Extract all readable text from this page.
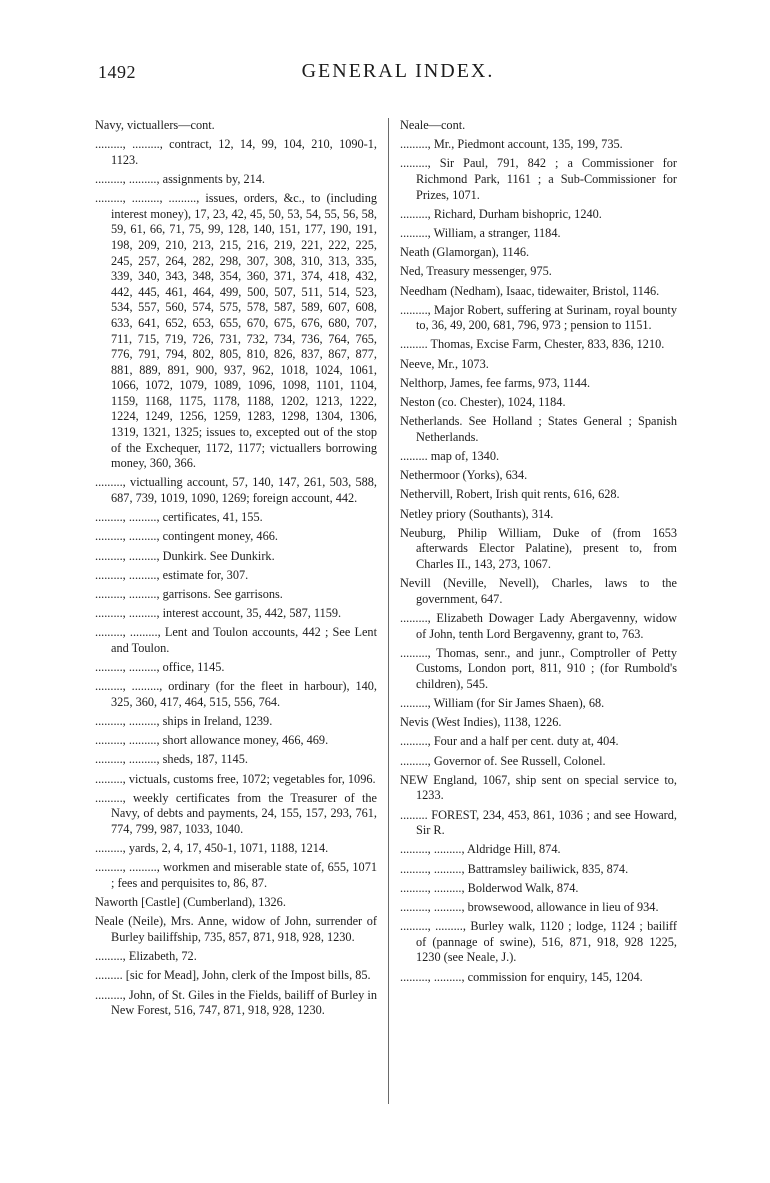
1492	GENERAL INDEX.
Navy, victuallers—cont.
........., ........., contract, 12, 14, 99, 104, 210, 1090-1, 1123.
........., ........., assignments by, 214.
........., ........., ........., issues, orders, &c., to (including interest money), 17, 23, 42, 45, 50, 53, 54, 55, 56, 58, 59, 61, 66, 71, 75, 99, 128, 140, 151, 177, 190, 191, 198, 209, 210, 213, 215, 216, 219, 221, 222, 225, 245, 257, 264, 282, 298, 307, 308, 310, 313, 335, 339, 340, 343, 348, 354, 360, 371, 374, 418, 432, 442, 445, 461, 464, 499, 500, 507, 511, 514, 523, 534, 557, 560, 574, 575, 578, 587, 589, 607, 608, 633, 641, 652, 653, 655, 670, 675, 676, 680, 707, 711, 715, 719, 726, 731, 732, 734, 736, 764, 765, 776, 791, 794, 802, 805, 810, 826, 837, 867, 877, 881, 889, 891, 900, 937, 962, 1018, 1024, 1061, 1066, 1072, 1079, 1089, 1096, 1098, 1101, 1104, 1159, 1168, 1175, 1178, 1188, 1202, 1213, 1222, 1224, 1249, 1256, 1259, 1283, 1298, 1304, 1306, 1319, 1321, 1325; issues to, excepted out of the stop of the Exchequer, 1172, 1177; victuallers borrowing money, 360, 366.
........., victualling account, 57, 140, 147, 261, 503, 588, 687, 739, 1019, 1090, 1269; foreign account, 442.
........., ........., certificates, 41, 155.
........., ........., contingent money, 466.
........., ........., Dunkirk. See Dunkirk.
........., ........., estimate for, 307.
........., ........., garrisons. See garrisons.
........., ........., interest account, 35, 442, 587, 1159.
........., ........., Lent and Toulon accounts, 442 ; See Lent and Toulon.
........., ........., office, 1145.
........., ........., ordinary (for the fleet in harbour), 140, 325, 360, 417, 464, 515, 556, 764.
........., ........., ships in Ireland, 1239.
........., ........., short allowance money, 466, 469.
........., ........., sheds, 187, 1145.
........., victuals, customs free, 1072; vegetables for, 1096.
........., weekly certificates from the Treasurer of the Navy, of debts and payments, 24, 155, 157, 293, 761, 774, 799, 987, 1033, 1040.
........., yards, 2, 4, 17, 450-1, 1071, 1188, 1214.
........., ........., workmen and miserable state of, 655, 1071 ; fees and perquisites to, 86, 87.
Naworth [Castle] (Cumberland), 1326.
Neale (Neile), Mrs. Anne, widow of John, surrender of Burley bailiffship, 735, 857, 871, 918, 928, 1230.
........., Elizabeth, 72.
......... [sic for Mead], John, clerk of the Impost bills, 85.
........., John, of St. Giles in the Fields, bailiff of Burley in New Forest, 516, 747, 871, 918, 928, 1230.
Neale—cont.
........., Mr., Piedmont account, 135, 199, 735.
........., Sir Paul, 791, 842 ; a Commissioner for Richmond Park, 1161 ; a Sub-Commissioner for Prizes, 1071.
........., Richard, Durham bishopric, 1240.
........., William, a stranger, 1184.
Neath (Glamorgan), 1146.
Ned, Treasury messenger, 975.
Needham (Nedham), Isaac, tidewaiter, Bristol, 1146.
........., Major Robert, suffering at Surinam, royal bounty to, 36, 49, 200, 681, 796, 973 ; pension to 1151.
......... Thomas, Excise Farm, Chester, 833, 836, 1210.
Neeve, Mr., 1073.
Nelthorp, James, fee farms, 973, 1144.
Neston (co. Chester), 1024, 1184.
Netherlands. See Holland ; States General ; Spanish Netherlands.
......... map of, 1340.
Nethermoor (Yorks), 634.
Nethervill, Robert, Irish quit rents, 616, 628.
Netley priory (Southants), 314.
Neuburg, Philip William, Duke of (from 1653 afterwards Elector Palatine), present to, from Charles II., 143, 273, 1067.
Nevill (Neville, Nevell), Charles, laws to the government, 647.
........., Elizabeth Dowager Lady Abergavenny, widow of John, tenth Lord Bergavenny, grant to, 763.
........., Thomas, senr., and junr., Comptroller of Petty Customs, London port, 811, 910 ; (for Rumbold's children), 545.
........., William (for Sir James Shaen), 68.
Nevis (West Indies), 1138, 1226.
........., Four and a half per cent. duty at, 404.
........., Governor of. See Russell, Colonel.
NEW England, 1067, ship sent on special service to, 1233.
......... FOREST, 234, 453, 861, 1036 ; and see Howard, Sir R.
........., ........., Aldridge Hill, 874.
........., ........., Battramsley bailiwick, 835, 874.
........., ........., Bolderwod Walk, 874.
........., ........., browsewood, allowance in lieu of 934.
........., ........., Burley walk, 1120 ; lodge, 1124 ; bailiff of (pannage of swine), 516, 871, 918, 928 1225, 1230 (see Neale, J.).
........., ........., commission for enquiry, 145, 1204.
